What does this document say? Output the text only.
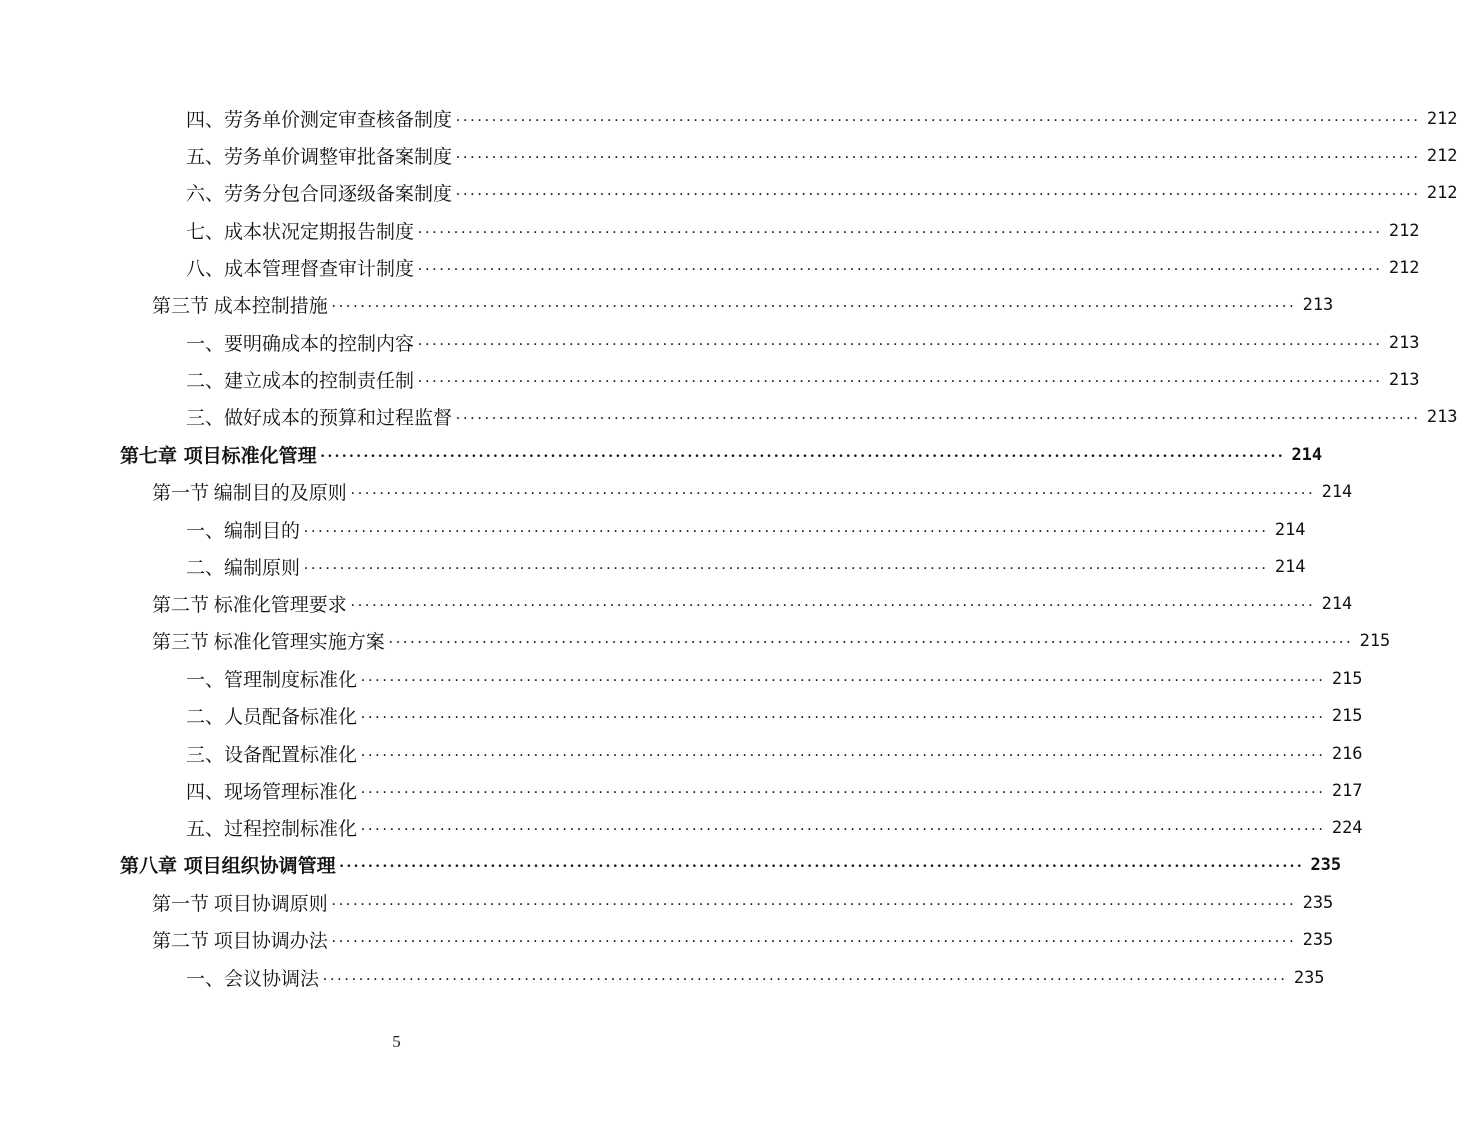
四、劳务单价测定审查核备制度 ...................................................................................................................................... 212
五、劳务单价调整审批备案制度 ...................................................................................................................................... 212
六、劳务分包合同逐级备案制度 ...................................................................................................................................... 212
七、成本状况定期报告制度 ...................................................................................................................................... 212
八、成本管理督查审计制度 ...................................................................................................................................... 212
第三节 成本控制措施 ...................................................................................................................................... 213
一、要明确成本的控制内容 ...................................................................................................................................... 213
二、建立成本的控制责任制 ...................................................................................................................................... 213
三、做好成本的预算和过程监督 ...................................................................................................................................... 213
第七章 项目标准化管理 ...................................................................................................................................... 214
第一节 编制目的及原则 ...................................................................................................................................... 214
一、编制目的 ...................................................................................................................................... 214
二、编制原则 ...................................................................................................................................... 214
第二节 标准化管理要求 ...................................................................................................................................... 214
第三节 标准化管理实施方案 ...................................................................................................................................... 215
一、管理制度标准化 ...................................................................................................................................... 215
二、人员配备标准化 ...................................................................................................................................... 215
三、设备配置标准化 ...................................................................................................................................... 216
四、现场管理标准化 ...................................................................................................................................... 217
五、过程控制标准化 ...................................................................................................................................... 224
第八章 项目组织协调管理 ...................................................................................................................................... 235
第一节 项目协调原则 ...................................................................................................................................... 235
第二节 项目协调办法 ...................................................................................................................................... 235
一、会议协调法 ...................................................................................................................................... 235
5
